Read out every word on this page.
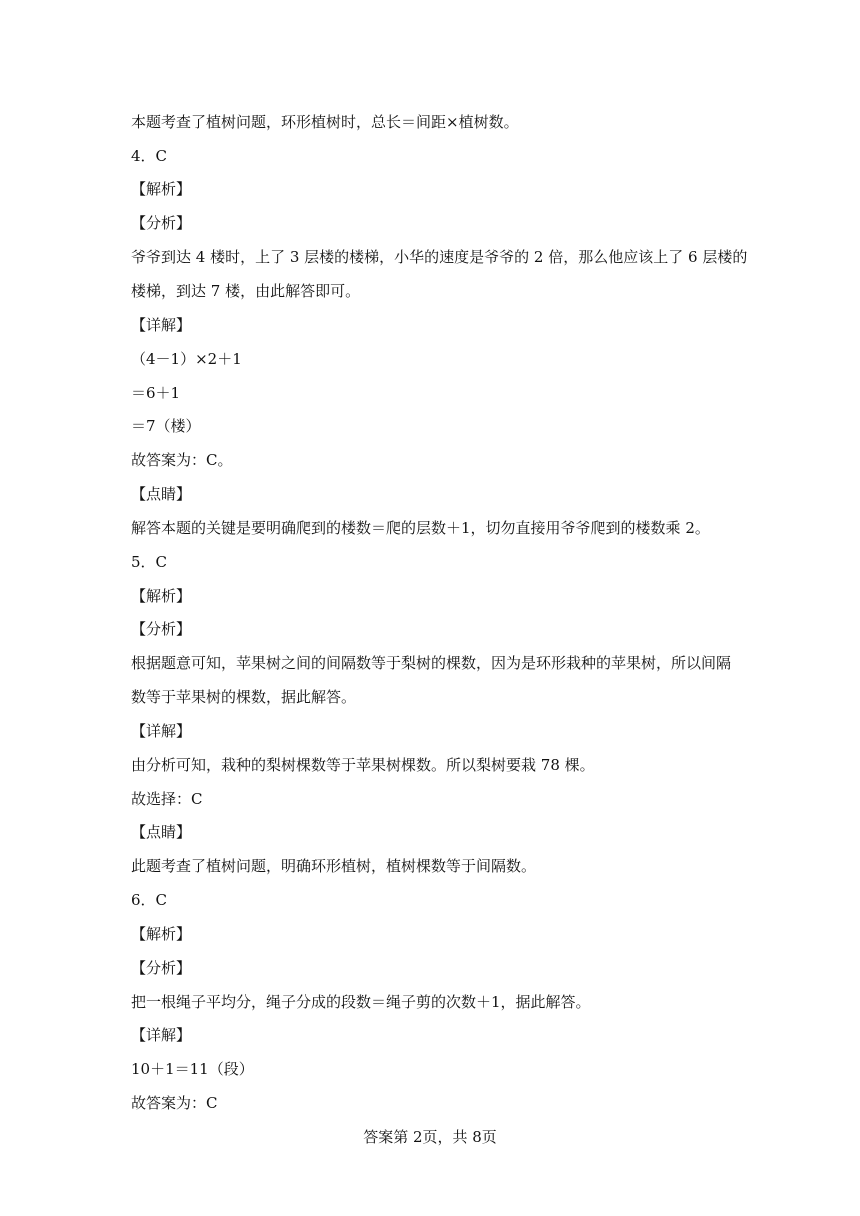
本题考查了植树问题，环形植树时，总长＝间距×植树数。
4．C
【解析】
【分析】
爷爷到达 4 楼时，上了 3 层楼的楼梯，小华的速度是爷爷的 2 倍，那么他应该上了 6 层楼的
楼梯，到达 7 楼，由此解答即可。
【详解】
（4－1）×2＋1
＝6＋1
＝7（楼）
故答案为：C。
【点睛】
解答本题的关键是要明确爬到的楼数＝爬的层数＋1，切勿直接用爷爷爬到的楼数乘 2。
5．C
【解析】
【分析】
根据题意可知，苹果树之间的间隔数等于梨树的棵数，因为是环形栽种的苹果树，所以间隔
数等于苹果树的棵数，据此解答。
【详解】
由分析可知，栽种的梨树棵数等于苹果树棵数。所以梨树要栽 78 棵。
故选择：C
【点睛】
此题考查了植树问题，明确环形植树，植树棵数等于间隔数。
6．C
【解析】
【分析】
把一根绳子平均分，绳子分成的段数＝绳子剪的次数＋1，据此解答。
【详解】
10＋1＝11（段）
故答案为：C
答案第 2页，共 8页
